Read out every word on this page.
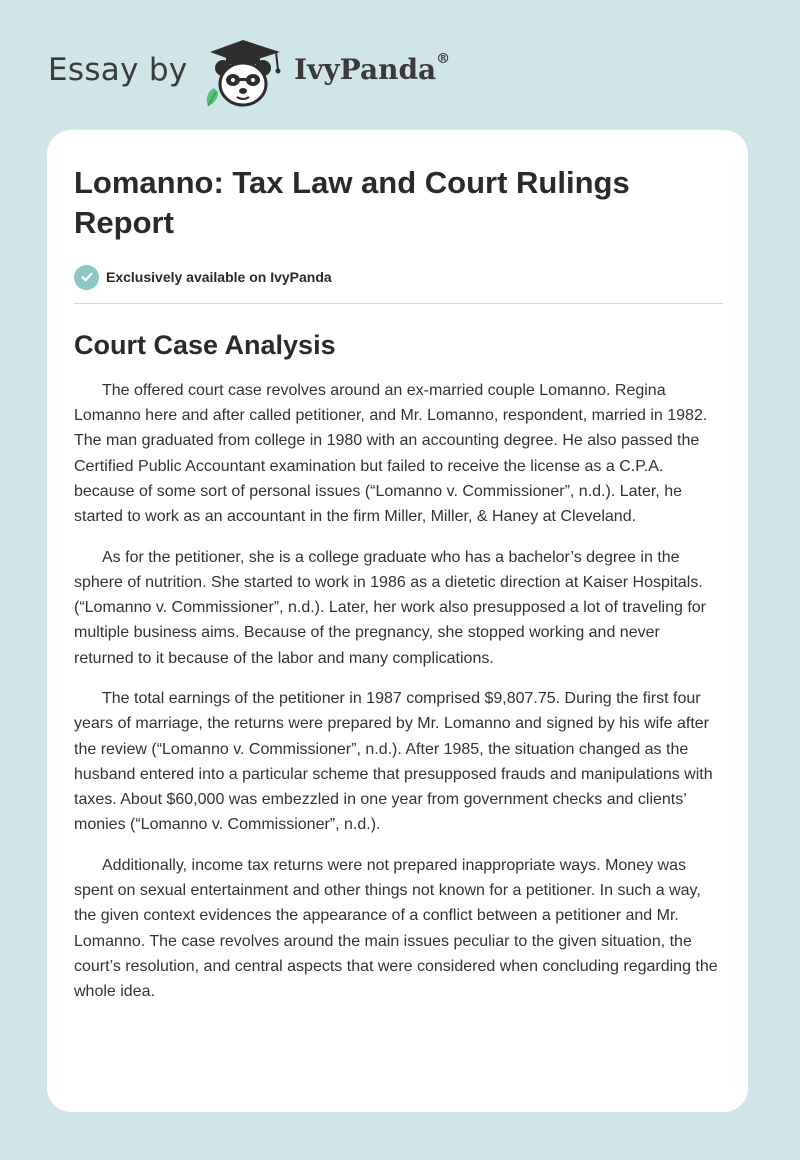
Essay by	IvyPanda®
Lomanno: Tax Law and Court Rulings Report
Exclusively available on IvyPanda
Court Case Analysis

The offered court case revolves around an ex-married couple Lomanno. Regina Lomanno here and after called petitioner, and Mr. Lomanno, respondent, married in 1982. The man graduated from college in 1980 with an accounting degree. He also passed the Certified Public Accountant examination but failed to receive the license as a C.P.A. because of some sort of personal issues (“Lomanno v. Commissioner”, n.d.). Later, he started to work as an accountant in the firm Miller, Miller, & Haney at Cleveland.

As for the petitioner, she is a college graduate who has a bachelor’s degree in the sphere of nutrition. She started to work in 1986 as a dietetic direction at Kaiser Hospitals. (“Lomanno v. Commissioner”, n.d.). Later, her work also presupposed a lot of traveling for multiple business aims. Because of the pregnancy, she stopped working and never returned to it because of the labor and many complications.

The total earnings of the petitioner in 1987 comprised $9,807.75. During the first four years of marriage, the returns were prepared by Mr. Lomanno and signed by his wife after the review (“Lomanno v. Commissioner”, n.d.). After 1985, the situation changed as the husband entered into a particular scheme that presupposed frauds and manipulations with taxes. About $60,000 was embezzled in one year from government checks and clients’ monies (“Lomanno v. Commissioner”, n.d.).

Additionally, income tax returns were not prepared inappropriate ways. Money was spent on sexual entertainment and other things not known for a petitioner. In such a way, the given context evidences the appearance of a conflict between a petitioner and Mr. Lomanno. The case revolves around the main issues peculiar to the given situation, the court’s resolution, and central aspects that were considered when concluding regarding the whole idea.
